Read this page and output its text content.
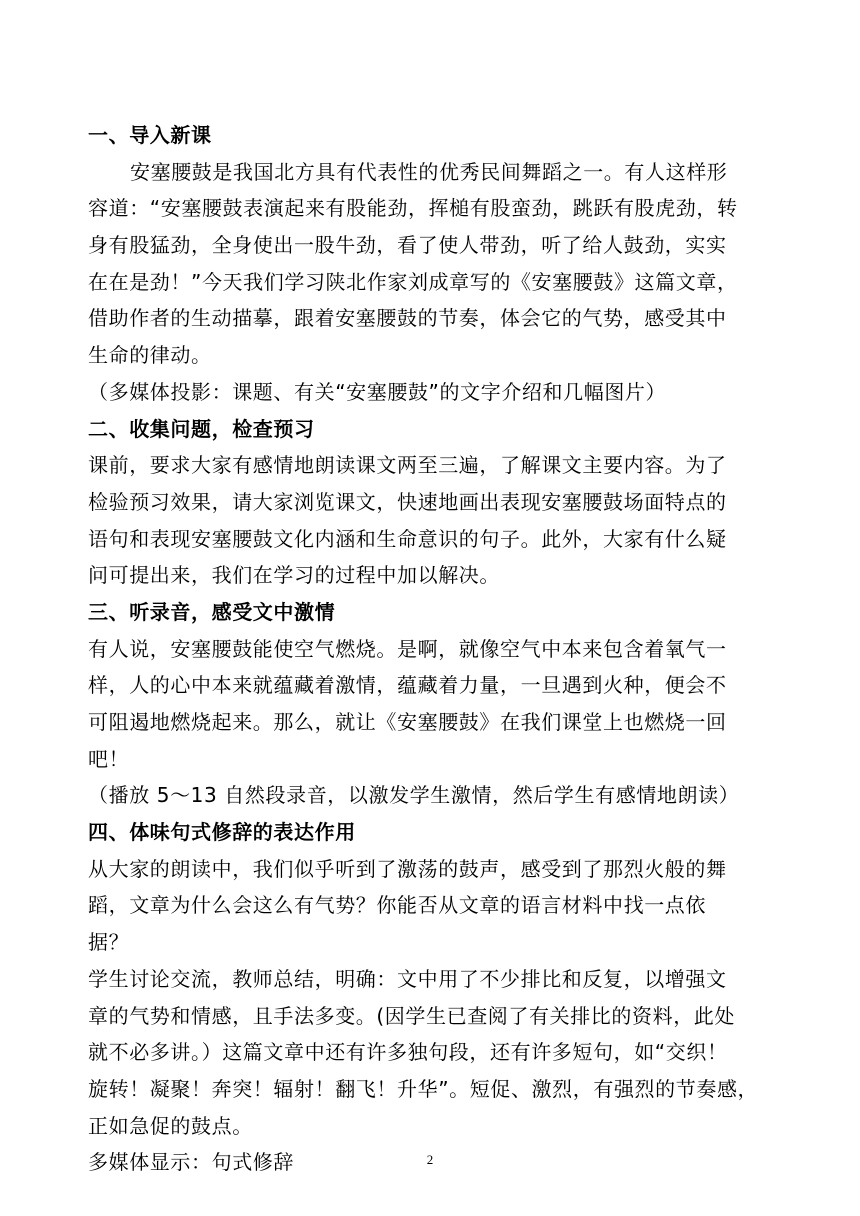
一、导入新课
安塞腰鼓是我国北方具有代表性的优秀民间舞蹈之一。有人这样形
容道：“安塞腰鼓表演起来有股能劲，挥槌有股蛮劲，跳跃有股虎劲，转
身有股猛劲，全身使出一股牛劲，看了使人带劲，听了给人鼓劲，实实
在在是劲！”今天我们学习陕北作家刘成章写的《安塞腰鼓》这篇文章，
借助作者的生动描摹，跟着安塞腰鼓的节奏，体会它的气势，感受其中
生命的律动。
（多媒体投影：课题、有关“安塞腰鼓”的文字介绍和几幅图片）
二、收集问题，检查预习
课前，要求大家有感情地朗读课文两至三遍，了解课文主要内容。为了
检验预习效果，请大家浏览课文，快速地画出表现安塞腰鼓场面特点的
语句和表现安塞腰鼓文化内涵和生命意识的句子。此外，大家有什么疑
问可提出来，我们在学习的过程中加以解决。
三、听录音，感受文中激情
有人说，安塞腰鼓能使空气燃烧。是啊，就像空气中本来包含着氧气一
样，人的心中本来就蕴藏着激情，蕴藏着力量，一旦遇到火种，便会不
可阻遏地燃烧起来。那么，就让《安塞腰鼓》在我们课堂上也燃烧一回
吧！
（播放 5～13 自然段录音，以激发学生激情，然后学生有感情地朗读）
四、体味句式修辞的表达作用
从大家的朗读中，我们似乎听到了激荡的鼓声，感受到了那烈火般的舞
蹈，文章为什么会这么有气势？你能否从文章的语言材料中找一点依
据？
学生讨论交流，教师总结，明确：文中用了不少排比和反复，以增强文
章的气势和情感，且手法多变。(因学生已查阅了有关排比的资料，此处
就不必多讲。）这篇文章中还有许多独句段，还有许多短句，如“交织！
旋转！凝聚！奔突！辐射！翻飞！升华”。短促、激烈，有强烈的节奏感，
正如急促的鼓点。
多媒体显示：句式修辞	2
